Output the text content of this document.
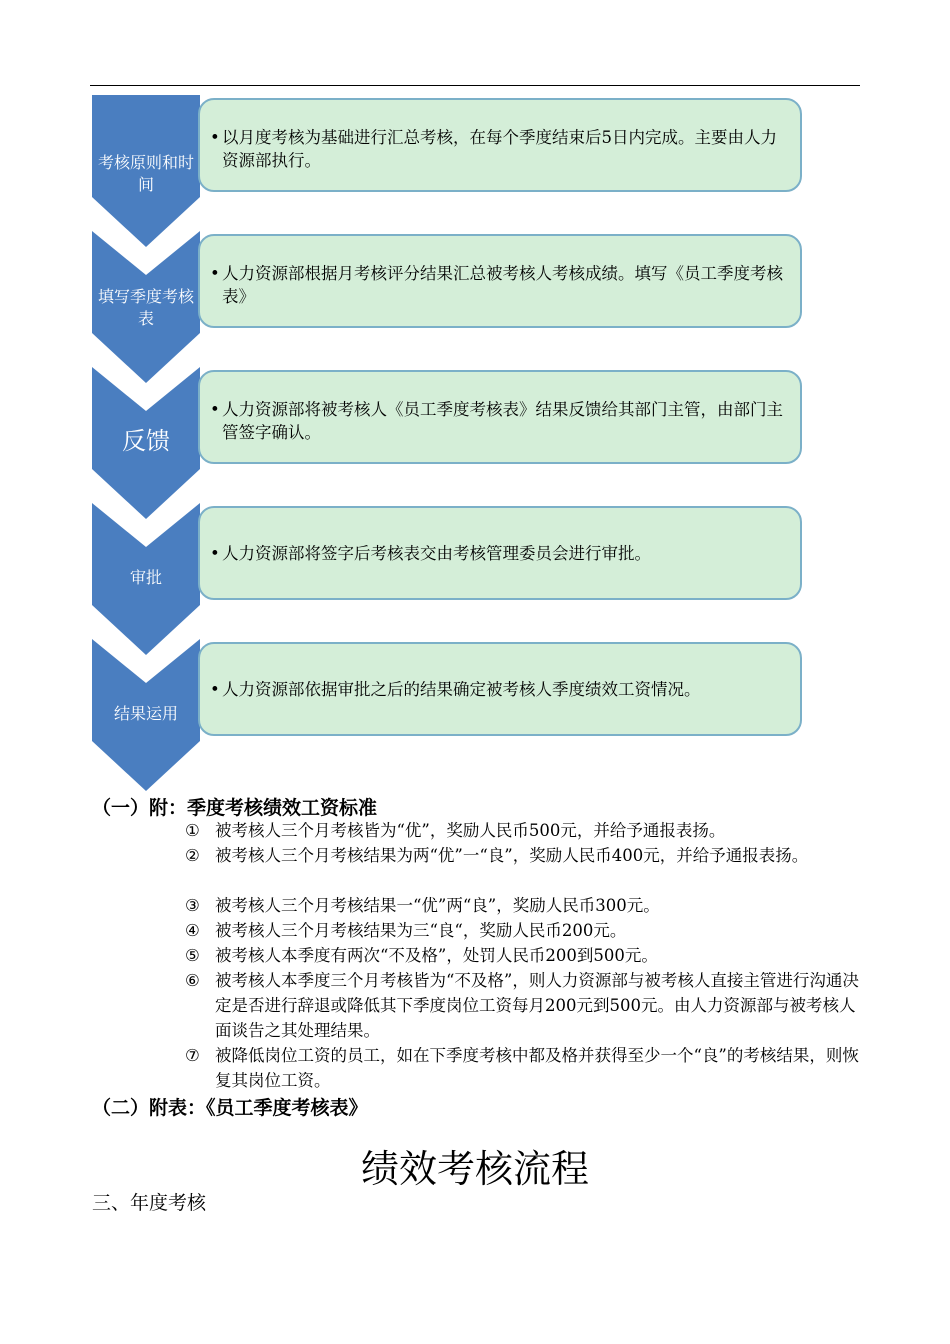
考核原则和时间
• 以月度考核为基础进行汇总考核，在每个季度结束后5日内完成。主要由人力资源部执行。
填写季度考核表
• 人力资源部根据月考核评分结果汇总被考核人考核成绩。填写《员工季度考核表》
反馈
• 人力资源部将被考核人《员工季度考核表》结果反馈给其部门主管，由部门主管签字确认。
审批
• 人力资源部将签字后考核表交由考核管理委员会进行审批。
结果运用
• 人力资源部依据审批之后的结果确定被考核人季度绩效工资情况。
（一）附：季度考核绩效工资标准
① 被考核人三个月考核皆为“优”，奖励人民币500元，并给予通报表扬。
② 被考核人三个月考核结果为两“优”一“良”，奖励人民币400元，并给予通报表扬。
③ 被考核人三个月考核结果一“优”两“良”，奖励人民币300元。
④ 被考核人三个月考核结果为三“良“，奖励人民币200元。
⑤ 被考核人本季度有两次“不及格”，处罚人民币200到500元。
⑥ 被考核人本季度三个月考核皆为“不及格”，则人力资源部与被考核人直接主管进行沟通决定是否进行辞退或降低其下季度岗位工资每月200元到500元。由人力资源部与被考核人面谈告之其处理结果。
⑦ 被降低岗位工资的员工，如在下季度考核中都及格并获得至少一个“良”的考核结果，则恢复其岗位工资。
（二）附表：《员工季度考核表》
绩效考核流程
三、年度考核
